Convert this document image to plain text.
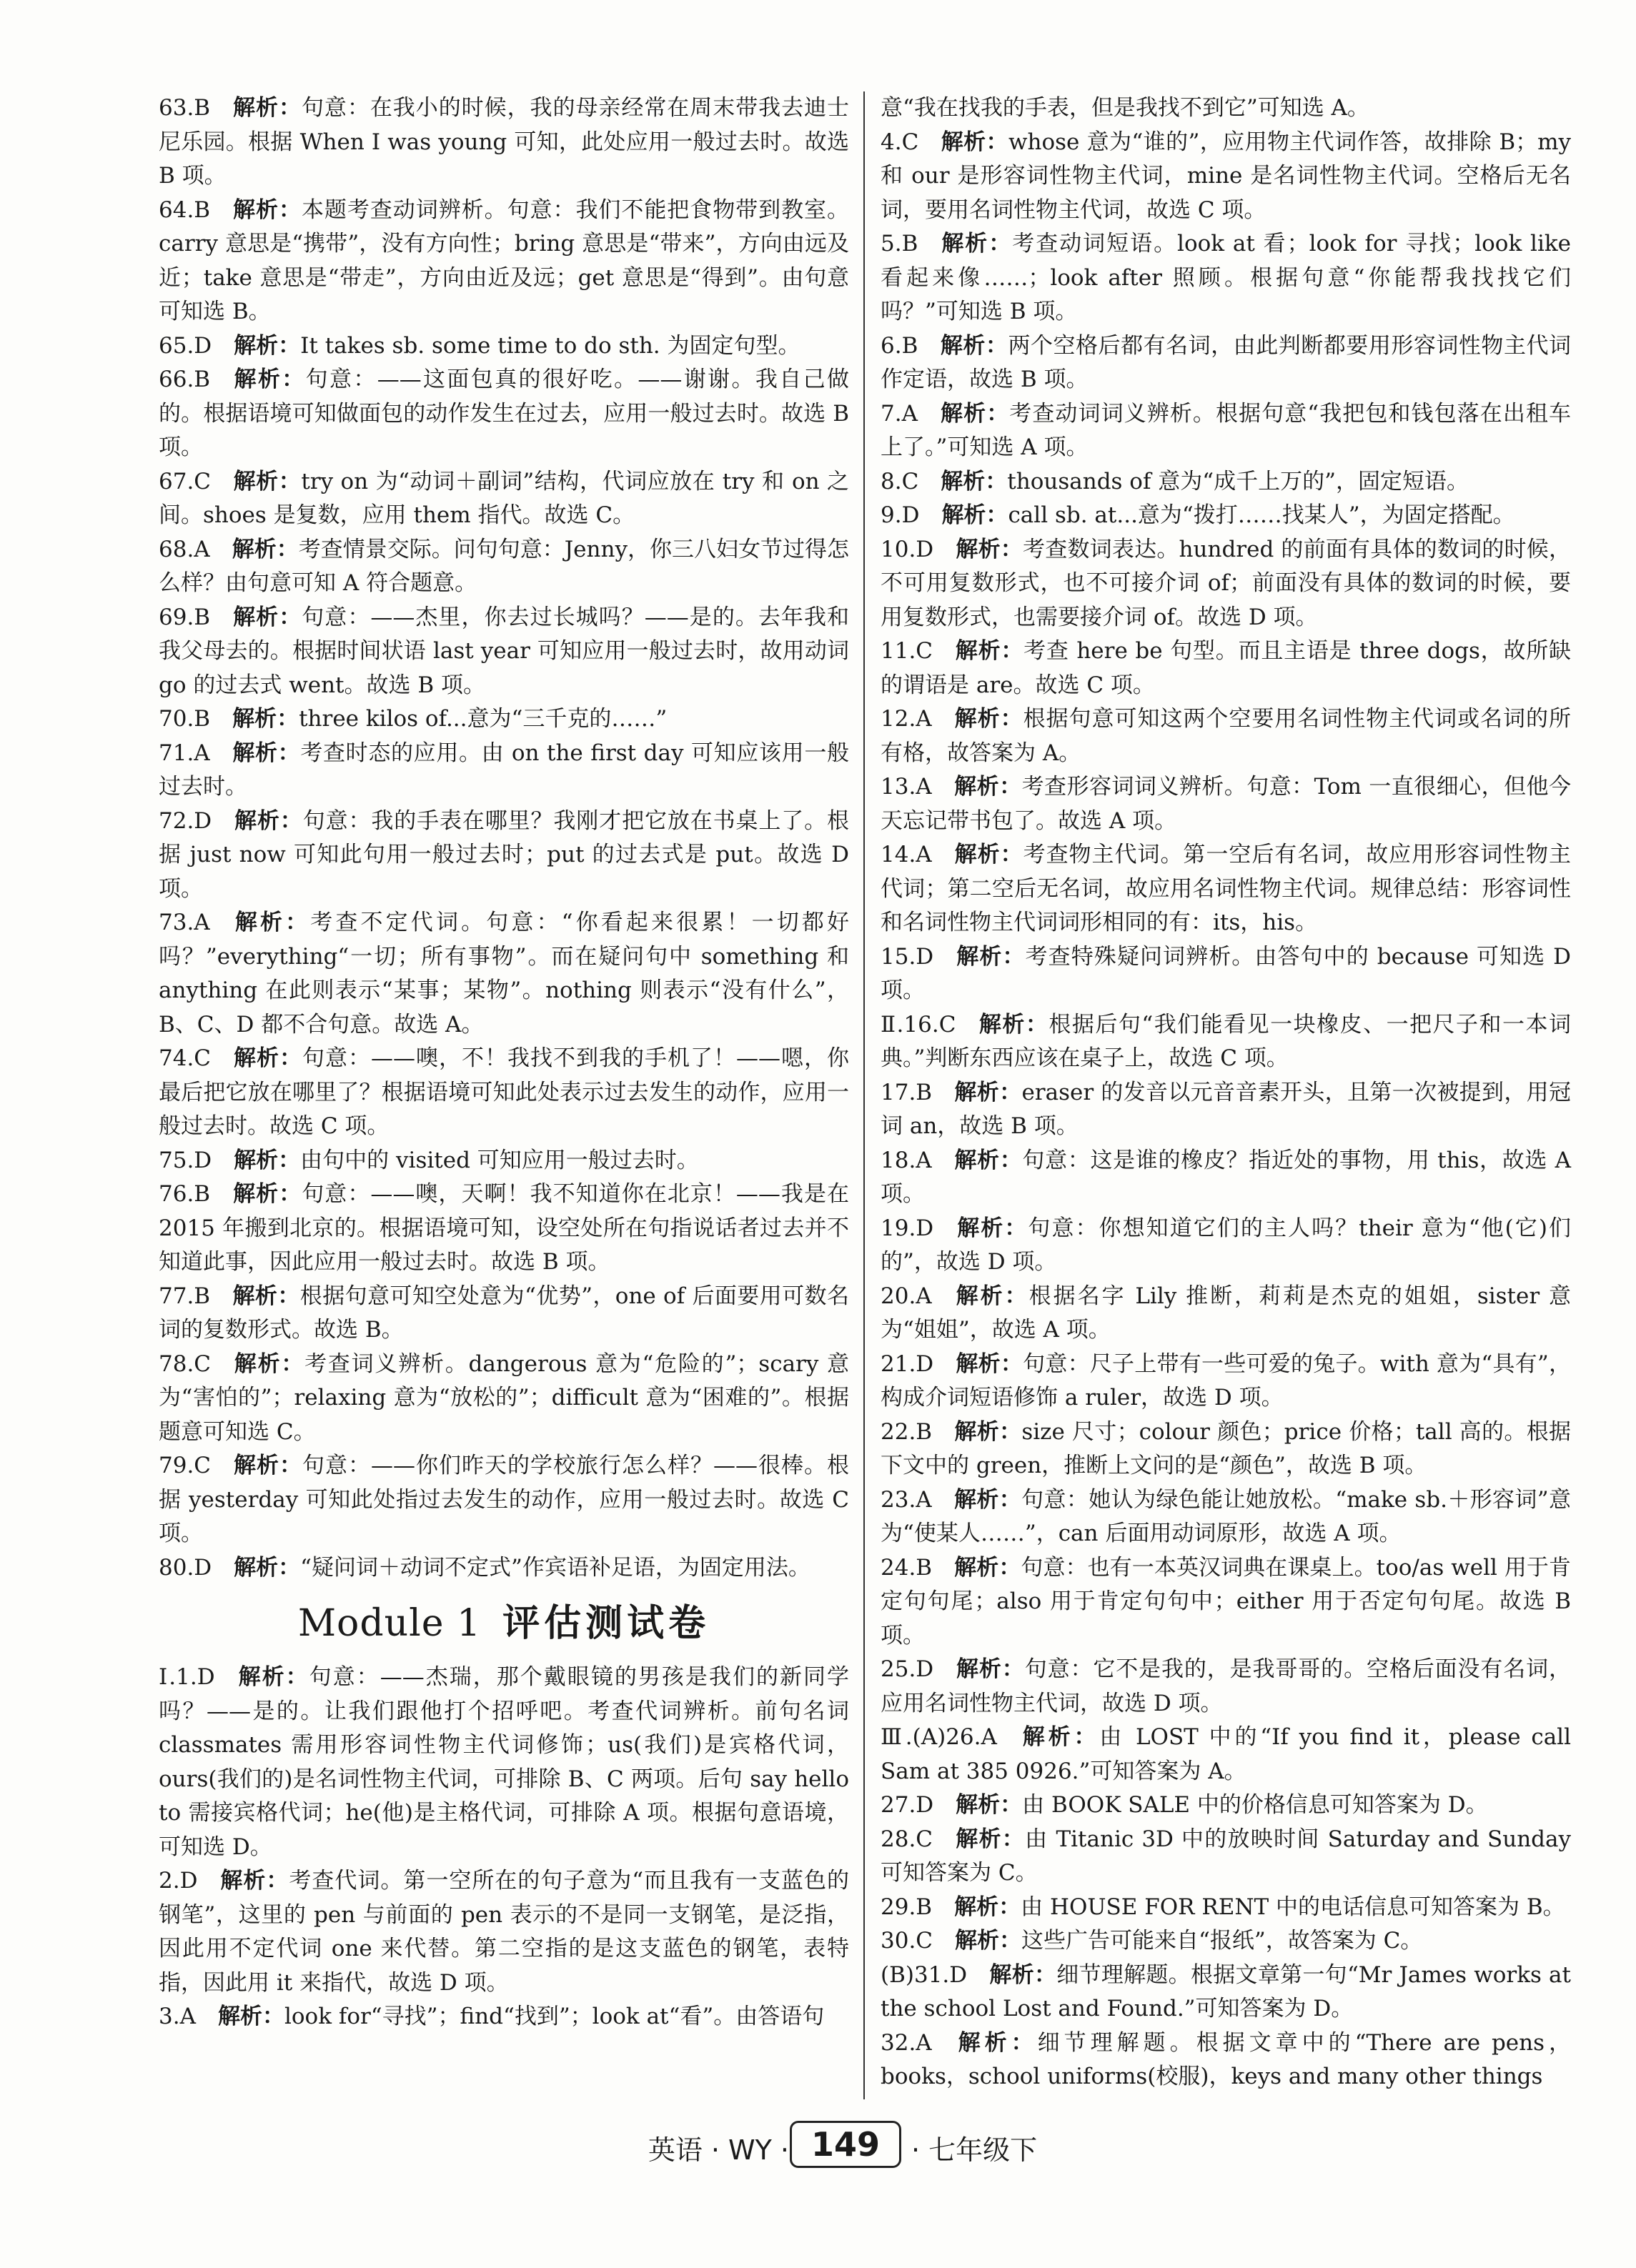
63.B  解析：句意：在我小的时候，我的母亲经常在周末带我去迪士尼乐园。根据 When I was young 可知，此处应用一般过去时。故选 B 项。

64.B  解析：本题考查动词辨析。句意：我们不能把食物带到教室。carry 意思是“携带”，没有方向性；bring 意思是“带来”，方向由远及近；take 意思是“带走”，方向由近及远；get 意思是“得到”。由句意可知选 B。

65.D  解析：It takes sb. some time to do sth. 为固定句型。

66.B  解析：句意：——这面包真的很好吃。——谢谢。我自己做的。根据语境可知做面包的动作发生在过去，应用一般过去时。故选 B 项。

67.C  解析：try on 为“动词＋副词”结构，代词应放在 try 和 on 之间。shoes 是复数，应用 them 指代。故选 C。

68.A  解析：考查情景交际。问句句意：Jenny，你三八妇女节过得怎么样？由句意可知 A 符合题意。

69.B  解析：句意：——杰里，你去过长城吗？——是的。去年我和我父母去的。根据时间状语 last year 可知应用一般过去时，故用动词 go 的过去式 went。故选 B 项。

70.B  解析：three kilos of...意为“三千克的……”

71.A  解析：考查时态的应用。由 on the first day 可知应该用一般过去时。

72.D  解析：句意：我的手表在哪里？我刚才把它放在书桌上了。根据 just now 可知此句用一般过去时；put 的过去式是 put。故选 D 项。

73.A  解析：考查不定代词。句意：“你看起来很累！一切都好吗？”everything“一切；所有事物”。而在疑问句中 something 和 anything 在此则表示“某事；某物”。nothing 则表示“没有什么”，B、C、D 都不合句意。故选 A。

74.C  解析：句意：——噢，不！我找不到我的手机了！——嗯，你最后把它放在哪里了？根据语境可知此处表示过去发生的动作，应用一般过去时。故选 C 项。

75.D  解析：由句中的 visited 可知应用一般过去时。

76.B  解析：句意：——噢，天啊！我不知道你在北京！——我是在 2015 年搬到北京的。根据语境可知，设空处所在句指说话者过去并不知道此事，因此应用一般过去时。故选 B 项。

77.B  解析：根据句意可知空处意为“优势”，one of 后面要用可数名词的复数形式。故选 B。

78.C  解析：考查词义辨析。dangerous 意为“危险的”；scary 意为“害怕的”；relaxing 意为“放松的”；difficult 意为“困难的”。根据题意可知选 C。

79.C  解析：句意：——你们昨天的学校旅行怎么样？——很棒。根据 yesterday 可知此处指过去发生的动作，应用一般过去时。故选 C 项。

80.D  解析：“疑问词＋动词不定式”作宾语补足语，为固定用法。

Module 1 评估测试卷

Ⅰ.1.D  解析：句意：——杰瑞，那个戴眼镜的男孩是我们的新同学吗？——是的。让我们跟他打个招呼吧。考查代词辨析。前句名词 classmates 需用形容词性物主代词修饰；us(我们)是宾格代词，ours(我们的)是名词性物主代词，可排除 B、C 两项。后句 say hello to 需接宾格代词；he(他)是主格代词，可排除 A 项。根据句意语境，可知选 D。

2.D  解析：考查代词。第一空所在的句子意为“而且我有一支蓝色的钢笔”，这里的 pen 与前面的 pen 表示的不是同一支钢笔，是泛指，因此用不定代词 one 来代替。第二空指的是这支蓝色的钢笔，表特指，因此用 it 来指代，故选 D 项。

3.A  解析：look for“寻找”；find“找到”；look at“看”。由答语句

意“我在找我的手表，但是我找不到它”可知选 A。

4.C  解析：whose 意为“谁的”，应用物主代词作答，故排除 B；my 和 our 是形容词性物主代词，mine 是名词性物主代词。空格后无名词，要用名词性物主代词，故选 C 项。

5.B  解析：考查动词短语。look at 看；look for 寻找；look like 看起来像……；look after 照顾。根据句意“你能帮我找找它们吗？”可知选 B 项。

6.B  解析：两个空格后都有名词，由此判断都要用形容词性物主代词作定语，故选 B 项。

7.A  解析：考查动词词义辨析。根据句意“我把包和钱包落在出租车上了。”可知选 A 项。

8.C  解析：thousands of 意为“成千上万的”，固定短语。

9.D  解析：call sb. at...意为“拨打……找某人”，为固定搭配。

10.D  解析：考查数词表达。hundred 的前面有具体的数词的时候，不可用复数形式，也不可接介词 of；前面没有具体的数词的时候，要用复数形式，也需要接介词 of。故选 D 项。

11.C  解析：考查 here be 句型。而且主语是 three dogs，故所缺的谓语是 are。故选 C 项。

12.A  解析：根据句意可知这两个空要用名词性物主代词或名词的所有格，故答案为 A。

13.A  解析：考查形容词词义辨析。句意：Tom 一直很细心，但他今天忘记带书包了。故选 A 项。

14.A  解析：考查物主代词。第一空后有名词，故应用形容词性物主代词；第二空后无名词，故应用名词性物主代词。规律总结：形容词性和名词性物主代词词形相同的有：its，his。

15.D  解析：考查特殊疑问词辨析。由答句中的 because 可知选 D 项。

Ⅱ.16.C  解析：根据后句“我们能看见一块橡皮、一把尺子和一本词典。”判断东西应该在桌子上，故选 C 项。

17.B  解析：eraser 的发音以元音音素开头，且第一次被提到，用冠词 an，故选 B 项。

18.A  解析：句意：这是谁的橡皮？指近处的事物，用 this，故选 A 项。

19.D  解析：句意：你想知道它们的主人吗？their 意为“他(它)们的”，故选 D 项。

20.A  解析：根据名字 Lily 推断，莉莉是杰克的姐姐，sister 意为“姐姐”，故选 A 项。

21.D  解析：句意：尺子上带有一些可爱的兔子。with 意为“具有”，构成介词短语修饰 a ruler，故选 D 项。

22.B  解析：size 尺寸；colour 颜色；price 价格；tall 高的。根据下文中的 green，推断上文问的是“颜色”，故选 B 项。

23.A  解析：句意：她认为绿色能让她放松。“make sb.＋形容词”意为“使某人……”，can 后面用动词原形，故选 A 项。

24.B  解析：句意：也有一本英汉词典在课桌上。too/as well 用于肯定句句尾；also 用于肯定句句中；either 用于否定句句尾。故选 B 项。

25.D  解析：句意：它不是我的，是我哥哥的。空格后面没有名词，应用名词性物主代词，故选 D 项。

Ⅲ.(A)26.A  解析：由 LOST 中的“If you find it，please call Sam at 385 0926.”可知答案为 A。

27.D  解析：由 BOOK SALE 中的价格信息可知答案为 D。

28.C  解析：由 Titanic 3D 中的放映时间 Saturday and Sunday 可知答案为 C。

29.B  解析：由 HOUSE FOR RENT 中的电话信息可知答案为 B。

30.C  解析：这些广告可能来自“报纸”，故答案为 C。

(B)31.D  解析：细节理解题。根据文章第一句“Mr James works at the school Lost and Found.”可知答案为 D。

32.A  解析：细节理解题。根据文章中的“There are pens，books，school uniforms(校服)，keys and many other things

英语 · WY · 149	· 七年级下
